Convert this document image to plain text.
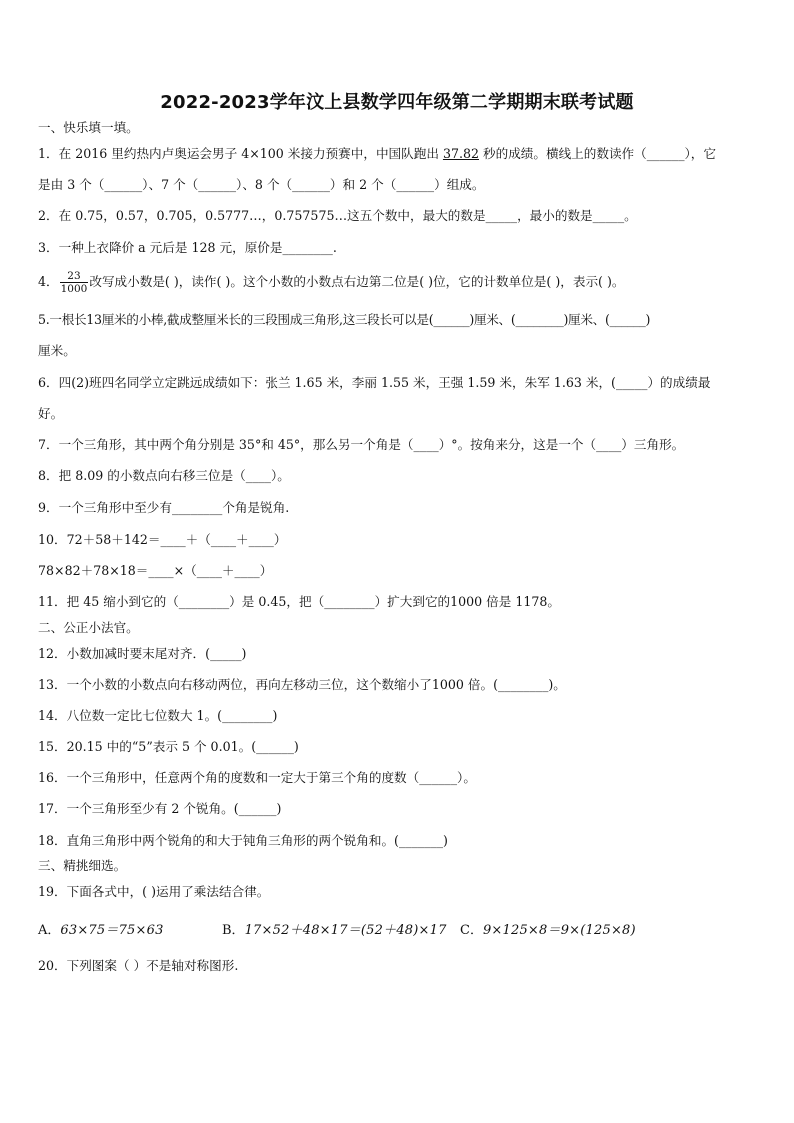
2022-2023学年汶上县数学四年级第二学期期末联考试题
一、快乐填一填。
1．在 2016 里约热内卢奥运会男子 4×100 米接力预赛中，中国队跑出 37.82 秒的成绩。横线上的数读作（______），它
是由 3 个（______）、7 个（______）、8 个（______）和 2 个（______）组成。
2．在 0.75，0.57，0.705，0.5777…，0.757575…这五个数中，最大的数是_____，最小的数是_____。
3．一种上衣降价 a 元后是 128 元，原价是________.
4． $\frac{23}{1000}$ 改写成小数是( )，读作( )。这个小数的小数点右边第二位是( )位，它的计数单位是( )，表示( )。
5.一根长13厘米的小棒,截成整厘米长的三段围成三角形,这三段长可以是(______)厘米、(________)厘米、(______)
厘米。
6．四(2)班四名同学立定跳远成绩如下：张兰 1.65 米，李丽 1.55 米，王强 1.59 米，朱军 1.63 米，(_____）的成绩最
好。
7．一个三角形，其中两个角分别是 35°和 45°，那么另一个角是（____）°。按角来分，这是一个（____）三角形。
8．把 8.09 的小数点向右移三位是（____）。
9．一个三角形中至少有________个角是锐角.
10．72＋58＋142＝____＋（____＋____）
78×82＋78×18＝____×（____＋____）
11．把 45 缩小到它的（________）是 0.45，把（________）扩大到它的1000 倍是 1178。
二、公正小法官。
12．小数加减时要末尾对齐．(_____)
13．一个小数的小数点向右移动两位，再向左移动三位，这个数缩小了1000 倍。(________)。
14．八位数一定比七位数大 1。(________)
15．20.15 中的“5”表示 5 个 0.01。(______)
16．一个三角形中，任意两个角的度数和一定大于第三个角的度数（______）。
17．一个三角形至少有 2 个锐角。(______)
18．直角三角形中两个锐角的和大于钝角三角形的两个锐角和。(_______)
三、精挑细选。
19．下面各式中，( )运用了乘法结合律。
A．63×75＝75×63	B．17×52＋48×17＝(52＋48)×17 C．9×125×8＝9×(125×8)
20．下列图案（ ）不是轴对称图形.
